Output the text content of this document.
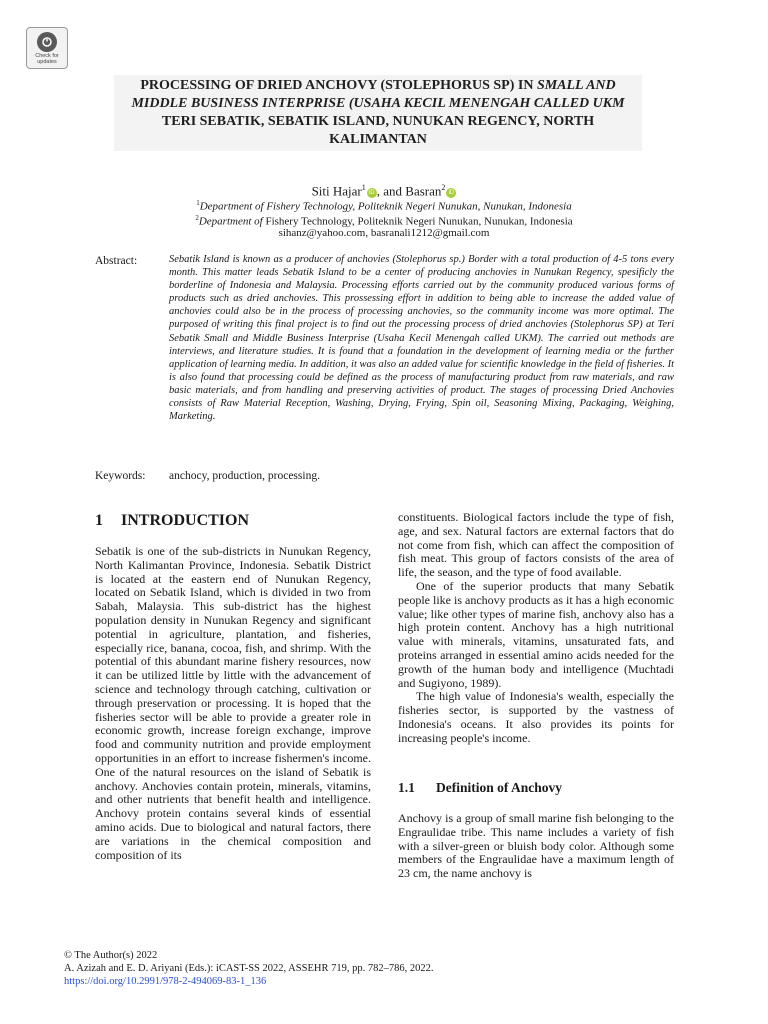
Check for
updates
PROCESSING OF DRIED ANCHOVY (STOLEPHORUS SP) IN SMALL AND MIDDLE BUSINESS INTERPRISE (USAHA KECIL MENENGAH CALLED UKM TERI SEBATIK, SEBATIK ISLAND, NUNUKAN REGENCY, NORTH KALIMANTAN
Siti Hajar$^1$iD , and Basran$^2$iD
$^1$Department of Fishery Technology, Politeknik Negeri Nunukan, Nunukan, Indonesia
$^2$Department of Fishery Technology, Politeknik Negeri Nunukan, Nunukan, Indonesia
sihanz@yahoo.com, basranali1212@gmail.com
Abstract:	Sebatik Island is known as a producer of anchovies (Stolephorus sp.) Border with a total production of 4-5 tons every month. This matter leads Sebatik Island to be a center of producing anchovies in Nunukan Regency, spesificly the borderline of Indonesia and Malaysia. Processing efforts carried out by the community produced various forms of products such as dried anchovies. This prossessing effort in addition to being able to increase the added value of anchovies could also be in the process of processing anchovies, so the community income was more optimal. The purposed of writing this final project is to find out the processing process of dried anchovies (Stolephorus SP) at Teri Sebatik Small and Middle Business Interprise (Usaha Kecil Menengah called UKM). The carried out methods are interviews, and literature studies. It is found that a foundation in the development of learning media or the further application of learning media. In addition, it was also an added value for scientific knowledge in the field of fisheries. It is also found that processing could be defined as the process of manufacturing product from raw materials, and raw basic materials, and from handling and preserving activities of product. The stages of processing Dried Anchovies consists of Raw Material Reception, Washing, Drying, Frying, Spin oil, Seasoning Mixing, Packaging, Weighing, Marketing.
Keywords: anchocy, production, processing.
1 INTRODUCTION

Sebatik is one of the sub-districts in Nunukan Regency, North Kalimantan Province, Indonesia. Sebatik District is located at the eastern end of Nunukan Regency, located on Sebatik Island, which is divided in two from Sabah, Malaysia. This sub-district has the highest population density in Nunukan Regency and significant potential in agriculture, plantation, and fisheries, especially rice, banana, cocoa, fish, and shrimp. With the potential of this abundant marine fishery resources, now it can be utilized little by little with the advancement of science and technology through catching, cultivation or through preservation or processing. It is hoped that the fisheries sector will be able to provide a greater role in economic growth, increase foreign exchange, improve food and community nutrition and provide employment opportunities in an effort to increase fishermen's income. One of the natural resources on the island of Sebatik is anchovy. Anchovies contain protein, minerals, vitamins, and other nutrients that benefit health and intelligence. Anchovy protein contains several kinds of essential amino acids. Due to biological and natural factors, there are variations in the chemical composition and composition of its

constituents. Biological factors include the type of fish, age, and sex. Natural factors are external factors that do not come from fish, which can affect the composition of fish meat. This group of factors consists of the area of life, the season, and the type of food available.

One of the superior products that many Sebatik people like is anchovy products as it has a high economic value; like other types of marine fish, anchovy also has a high protein content. Anchovy has a high nutritional value with minerals, vitamins, unsaturated fats, and proteins arranged in essential amino acids needed for the growth of the human body and intelligence (Muchtadi and Sugiyono, 1989).

The high value of Indonesia's wealth, especially the fisheries sector, is supported by the vastness of Indonesia's oceans. It also provides its points for increasing people's income.

1.1 Definition of Anchovy

Anchovy is a group of small marine fish belonging to the Engraulidae tribe. This name includes a variety of fish with a silver-green or bluish body color. Although some members of the Engraulidae have a maximum length of 23 cm, the name anchovy is

© The Author(s) 2022
A. Azizah and E. D. Ariyani (Eds.): iCAST-SS 2022, ASSEHR 719, pp. 782–786, 2022.
https://doi.org/10.2991/978-2-494069-83-1_136
